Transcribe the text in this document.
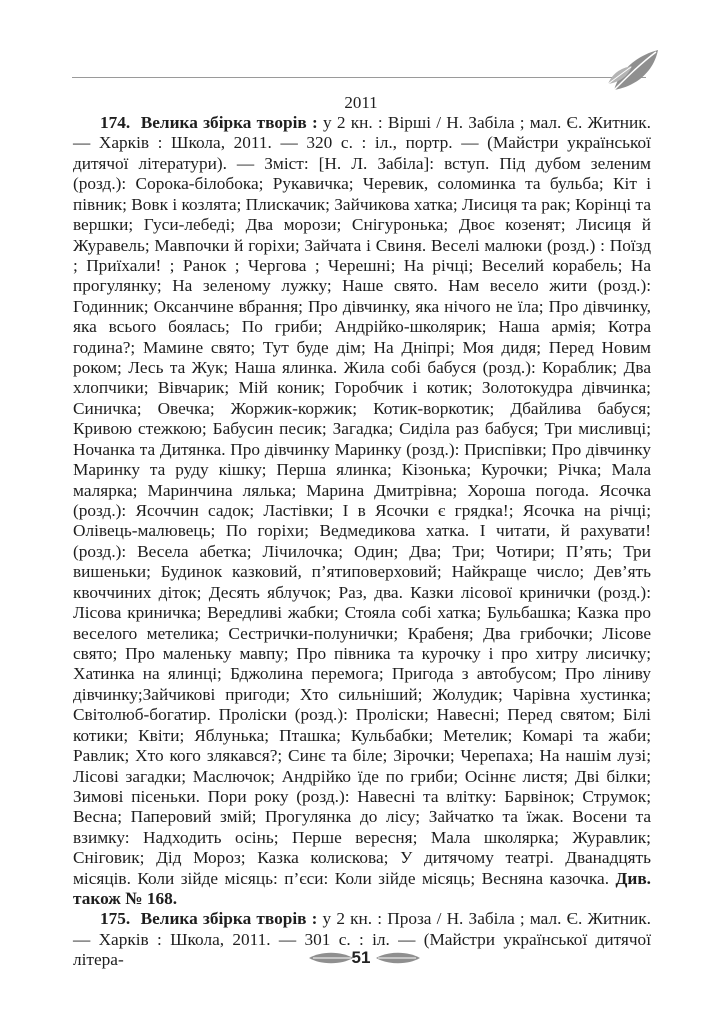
2011

174. Велика збірка творів : у 2 кн. : Вірші / Н. Забіла ; мал. Є. Житник. — Харків : Школа, 2011. — 320 с. : іл., портр. — (Майстри української дитячої літератури). — Зміст: [Н. Л. Забіла]: вступ. Під дубом зеленим (розд.): Сорока-білобока; Рукавичка; Черевик, соломинка та бульба; Кіт і півник; Вовк і козлята; Плискачик; Зайчикова хатка; Лисиця та рак; Корінці та вершки; Гуси-лебеді; Два морози; Снігуронька; Двоє козенят; Лисиця й Журавель; Мавпочки й горіхи; Зайчата і Свиня. Веселі малюки (розд.) : Поїзд ; Приїхали! ; Ранок ; Чергова ; Черешні; На річці; Веселий корабель; На прогулянку; На зеленому лужку; Наше свято. Нам весело жити (розд.): Годинник; Оксанчине вбрання; Про дівчинку, яка нічого не їла; Про дівчинку, яка всього боялась; По гриби; Андрійко-школярик; Наша армія; Котра година?; Мамине свято; Тут буде дім; На Дніпрі; Моя дидя; Перед Новим роком; Лесь та Жук; Наша ялинка. Жила собі бабуся (розд.): Кораблик; Два хлопчики; Вівчарик; Мій коник; Горобчик і котик; Золотокудра дівчинка; Синичка; Овечка; Жоржик-коржик; Котик-воркотик; Дбайлива бабуся; Кривою стежкою; Бабусин песик; Загадка; Сиділа раз бабуся; Три мисливці; Ночанка та Дитянка. Про дівчинку Маринку (розд.): Приспівки; Про дівчинку Маринку та руду кішку; Перша ялинка; Кізонька; Курочки; Річка; Мала малярка; Маринчина лялька; Марина Дмитрівна; Хороша погода. Ясочка (розд.): Ясоччин садок; Ластівки; І в Ясочки є грядка!; Ясочка на річці; Олівець-малювець; По горіхи; Ведмедикова хатка. І читати, й рахувати! (розд.): Весела абетка; Лічилочка; Один; Два; Три; Чотири; П’ять; Три вишеньки; Будинок казковий, п’ятиповерховий; Найкраще число; Дев’ять квоччиних діток; Десять яблучок; Раз, два. Казки лісової кринички (розд.): Лісова криничка; Вередливі жабки; Стояла собі хатка; Бульбашка; Казка про веселого метелика; Сестрички-полунички; Крабеня; Два грибочки; Лісове свято; Про маленьку мавпу; Про півника та курочку і про хитру лисичку; Хатинка на ялинці; Бджолина перемога; Пригода з автобусом; Про ліниву дівчинку;Зайчикові пригоди; Хто сильніший; Жолудик; Чарівна хустинка; Світолюб-богатир. Проліски (розд.): Проліски; Навесні; Перед святом; Білі котики; Квіти; Яблунька; Пташка; Кульбабки; Метелик; Комарі та жаби; Равлик; Хто кого злякався?; Синє та біле; Зірочки; Черепаха; На нашім лузі; Лісові загадки; Маслючок; Андрійко їде по гриби; Осіннє листя; Дві білки; Зимові пісеньки. Пори року (розд.): Навесні та влітку: Барвінок; Струмок; Весна; Паперовий змій; Прогулянка до лісу; Зайчатко та їжак. Восени та взимку: Надходить осінь; Перше вересня; Мала школярка; Журавлик; Сніговик; Дід Мороз; Казка колискова; У дитячому театрі. Дванадцять місяців. Коли зійде місяць: п’єси: Коли зійде місяць; Весняна казочка. Див. також № 168.

175. Велика збірка творів : у 2 кн. : Проза / Н. Забіла ; мал. Є. Житник. — Харків : Школа, 2011. — 301 с. : іл. — (Майстри української дитячої літера-	51
